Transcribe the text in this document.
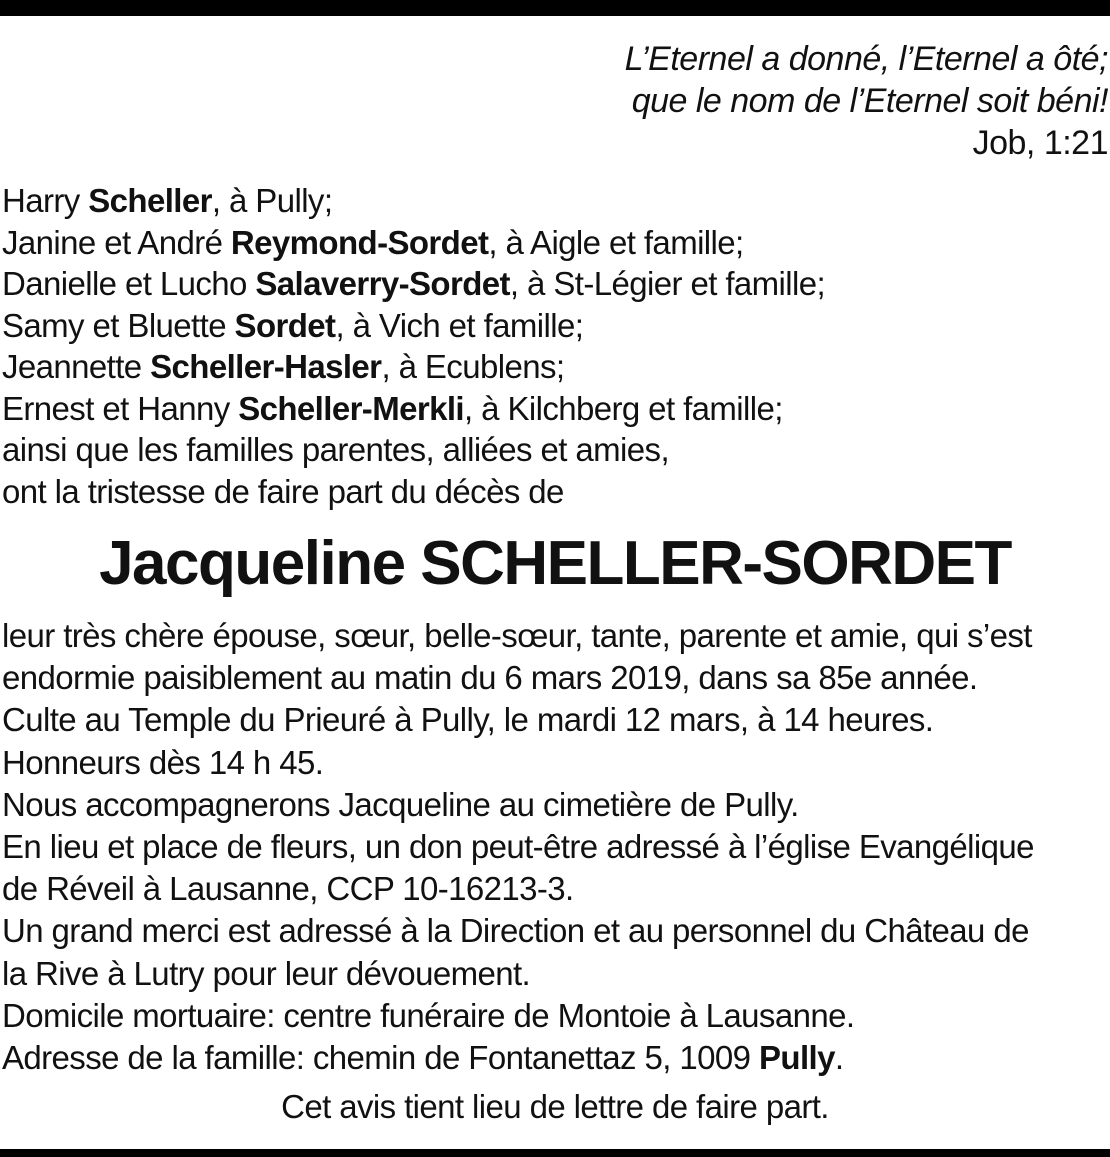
L’Eternel a donné, l’Eternel a ôté;
que le nom de l’Eternel soit béni!
Job, 1:21
Harry Scheller, à Pully;
Janine et André Reymond-Sordet, à Aigle et famille;
Danielle et Lucho Salaverry-Sordet, à St-Légier et famille;
Samy et Bluette Sordet, à Vich et famille;
Jeannette Scheller-Hasler, à Ecublens;
Ernest et Hanny Scheller-Merkli, à Kilchberg et famille;
ainsi que les familles parentes, alliées et amies,
ont la tristesse de faire part du décès de
Jacqueline SCHELLER-SORDET
leur très chère épouse, sœur, belle-sœur, tante, parente et amie, qui s’est
endormie paisiblement au matin du 6 mars 2019, dans sa 85e année.
Culte au Temple du Prieuré à Pully, le mardi 12 mars, à 14 heures.
Honneurs dès 14 h 45.
Nous accompagnerons Jacqueline au cimetière de Pully.
En lieu et place de fleurs, un don peut-être adressé à l’église Evangélique
de Réveil à Lausanne, CCP 10-16213-3.
Un grand merci est adressé à la Direction et au personnel du Château de
la Rive à Lutry pour leur dévouement.
Domicile mortuaire: centre funéraire de Montoie à Lausanne.
Adresse de la famille: chemin de Fontanettaz 5, 1009 Pully.
Cet avis tient lieu de lettre de faire part.
